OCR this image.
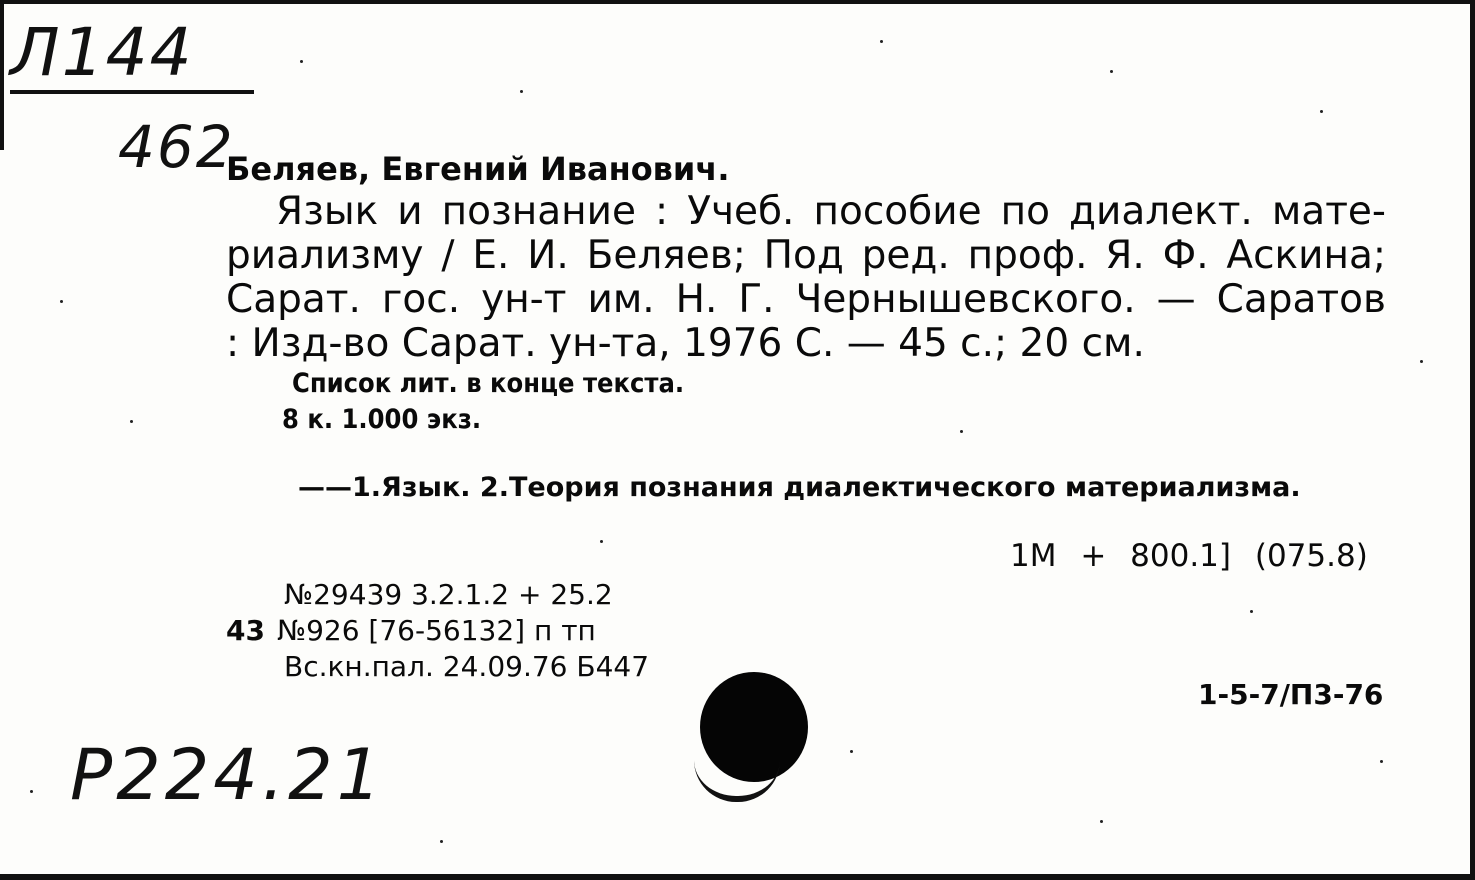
Л144
462
Беляев, Евгений Иванович.
Язык и познание : Учеб. пособие по диалект. мате-
риализму / Е. И. Беляев; Под ред. проф. Я. Ф. Аскина;
Сарат. гос. ун-т им. Н. Г. Чернышевского. — Саратов
: Изд-во Сарат. ун-та, 1976 С. — 45 с.; 20 см.
Список лит. в конце текста.
8 к. 1.000 экз.
——1.Язык. 2.Теория познания диалектического материализма.
1М + 800.1] (075.8)
№29439 3.2.1.2 + 25.2
43 №926 [76-56132] п тп
Вс.кн.пал. 24.09.76 Б447
1-5-7/П3-76
Р224.21
